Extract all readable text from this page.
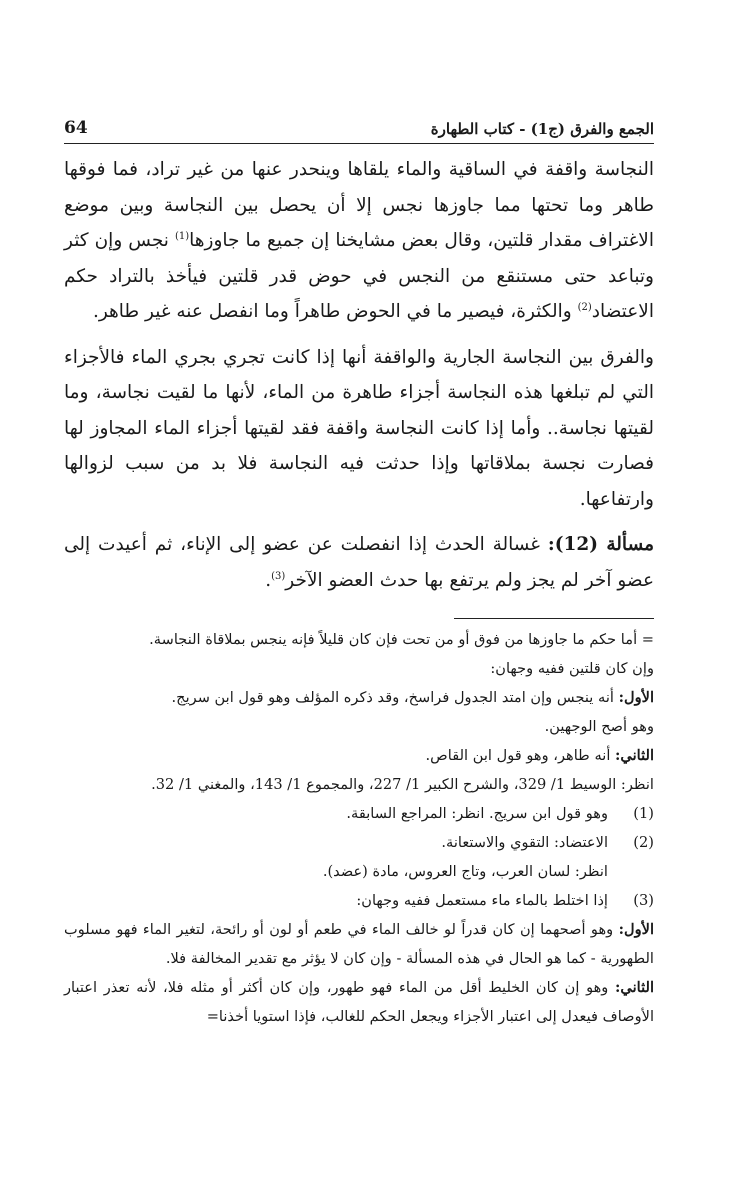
الجمع والفرق (ج1) - كتاب الطهارة
64

النجاسة واقفة في الساقية والماء يلقاها وينحدر عنها من غير تراد، فما فوقها طاهر وما تحتها مما جاوزها نجس إلا أن يحصل بين النجاسة وبين موضع الاغتراف مقدار قلتين، وقال بعض مشايخنا إن جميع ما جاوزها$^{(1)}$ نجس وإن كثر وتباعد حتى مستنقع من النجس في حوض قدر قلتين فيأخذ بالتراد حكم الاعتضاد$^{(2)}$ والكثرة، فيصير ما في الحوض طاهراً وما انفصل عنه غير طاهر.

والفرق بين النجاسة الجارية والواقفة أنها إذا كانت تجري بجري الماء فالأجزاء التي لم تبلغها هذه النجاسة أجزاء طاهرة من الماء، لأنها ما لقيت نجاسة، وما لقيتها نجاسة.. وأما إذا كانت النجاسة واقفة فقد لقيتها أجزاء الماء المجاوز لها فصارت نجسة بملاقاتها وإذا حدثت فيه النجاسة فلا بد من سبب لزوالها وارتفاعها.

مسألة (12): غسالة الحدث إذا انفصلت عن عضو إلى الإناء، ثم أعيدت إلى عضو آخر لم يجز ولم يرتفع بها حدث العضو الآخر$^{(3)}$.

= أما حكم ما جاوزها من فوق أو من تحت فإن كان قليلاً فإنه ينجس بملاقاة النجاسة.

وإن كان قلتين ففيه وجهان:

الأول: أنه ينجس وإن امتد الجدول فراسخ، وقد ذكره المؤلف وهو قول ابن سريج.

وهو أصح الوجهين.

الثاني: أنه طاهر، وهو قول ابن القاص.

انظر: الوسيط 1/ 329، والشرح الكبير 1/ 227، والمجموع 1/ 143، والمغني 1/ 32.

(1)
وهو قول ابن سريج. انظر: المراجع السابقة.
(2)
الاعتضاد: التقوي والاستعانة.

انظر: لسان العرب، وتاج العروس، مادة (عضد).

(3)
إذا اختلط بالماء ماء مستعمل ففيه وجهان:

الأول: وهو أصحهما إن كان قدراً لو خالف الماء في طعم أو لون أو رائحة، لتغير الماء فهو مسلوب الطهورية - كما هو الحال في هذه المسألة - وإن كان لا يؤثر مع تقدير المخالفة فلا.

الثاني: وهو إن كان الخليط أقل من الماء فهو طهور، وإن كان أكثر أو مثله فلا، لأنه تعذر اعتبار الأوصاف فيعدل إلى اعتبار الأجزاء ويجعل الحكم للغالب، فإذا استويا أخذنا=
